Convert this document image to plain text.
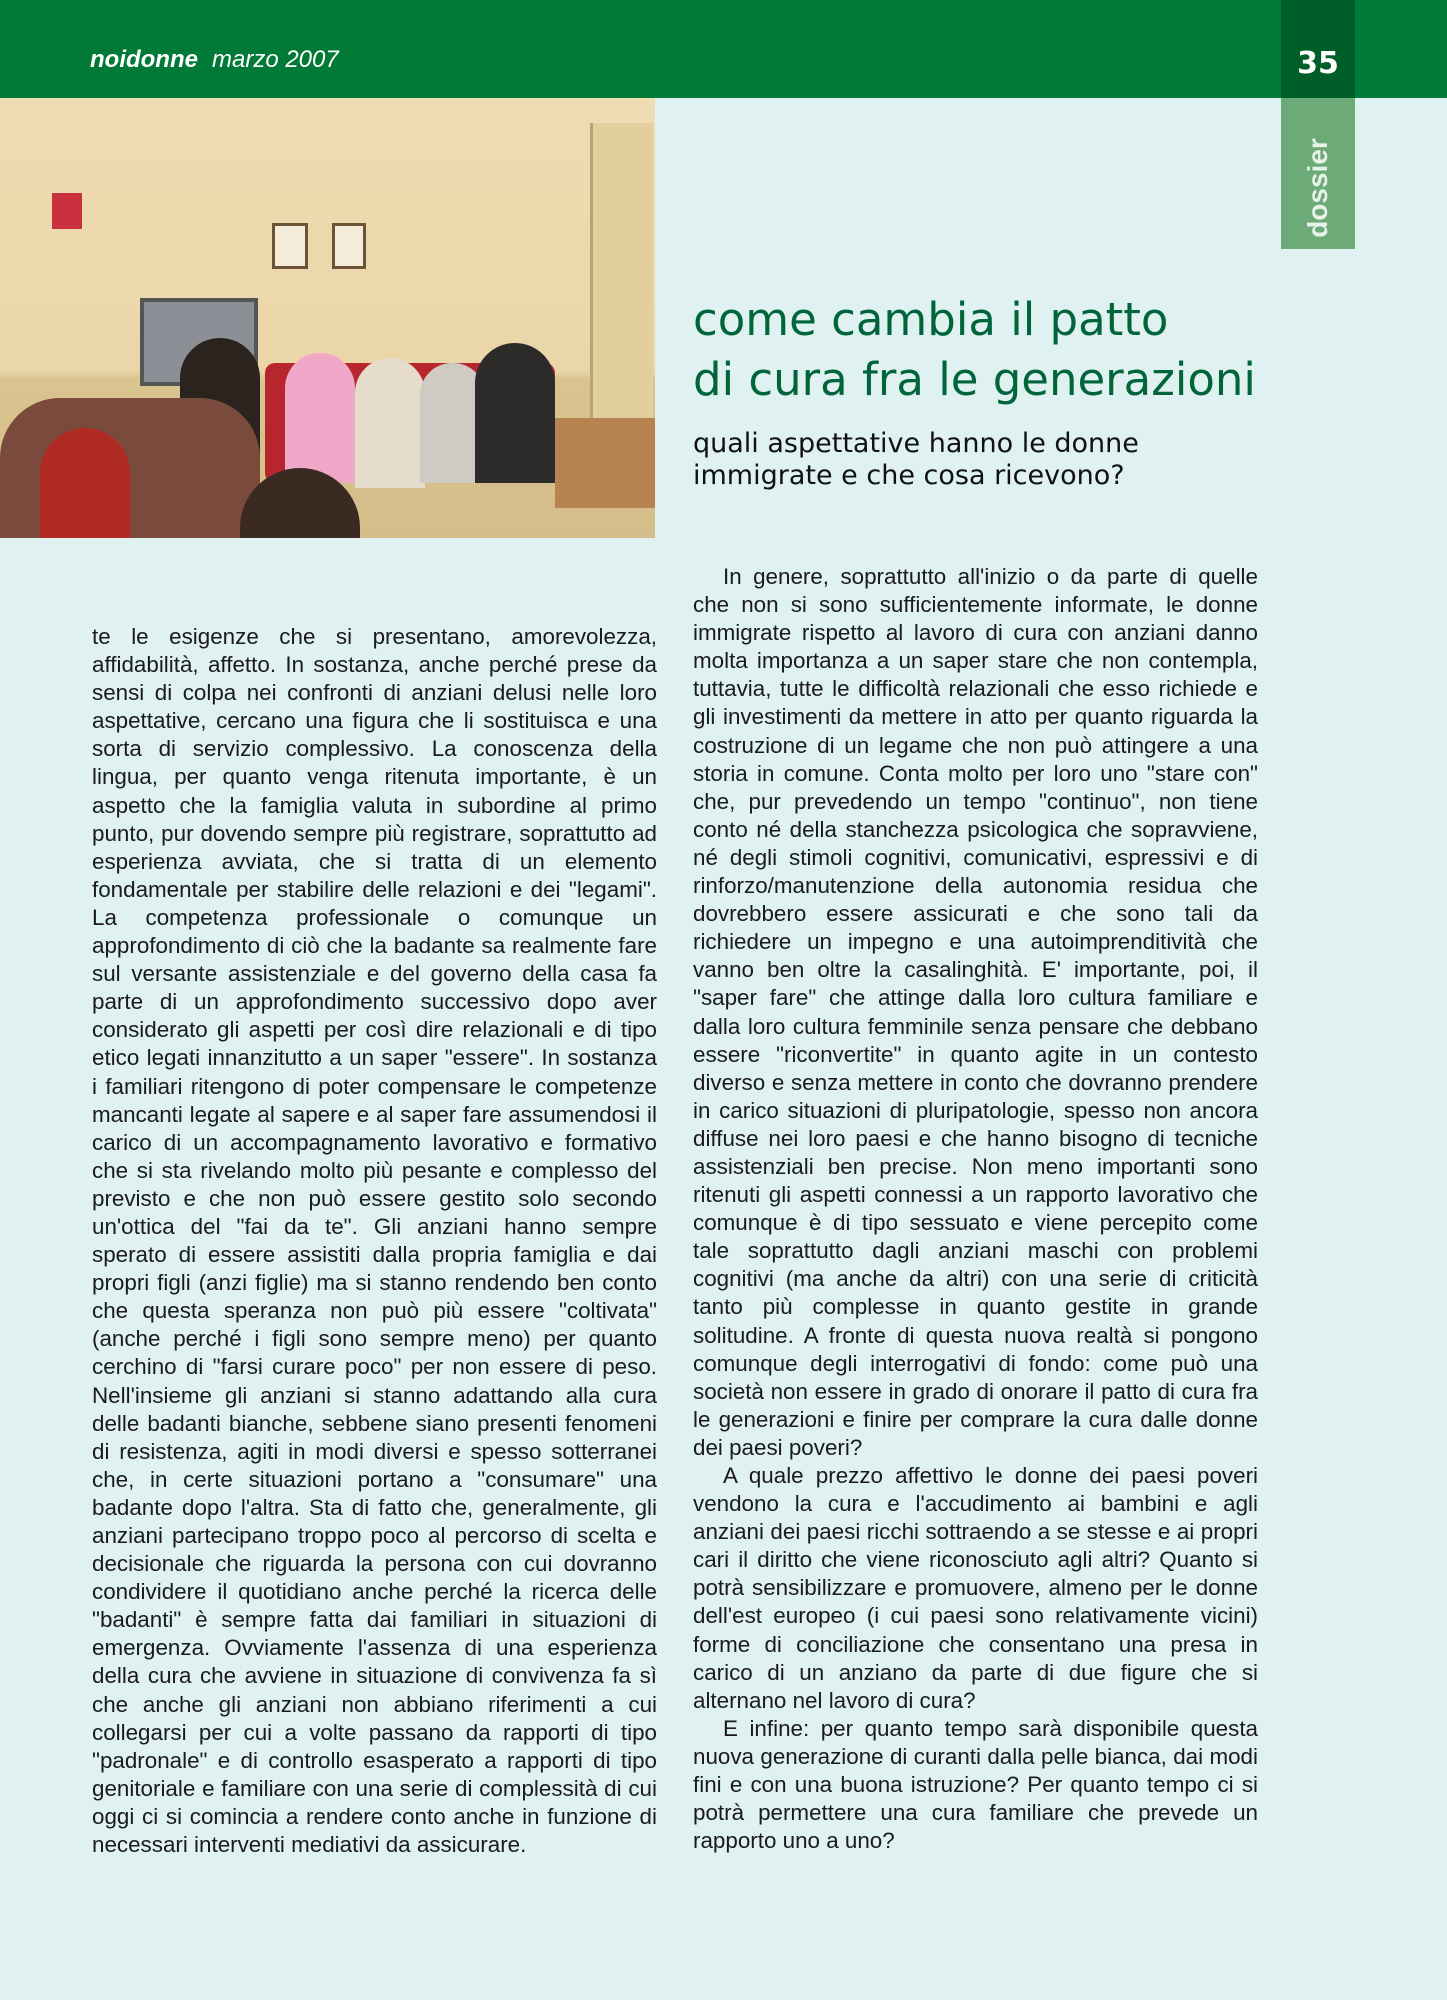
noidonne marzo 2007	35
dossier
come cambia il patto
di cura fra le generazioni
quali aspettative hanno le donne
immigrate e che cosa ricevono?

te le esigenze che si presentano, amorevolezza, affidabilità, affetto. In sostanza, anche perché prese da sensi di colpa nei confronti di anziani delusi nelle loro aspettative, cercano una figura che li sostituisca e una sorta di servizio complessivo. La conoscenza della lingua, per quanto venga ritenuta importante, è un aspetto che la famiglia valuta in subordine al primo punto, pur dovendo sempre più registrare, soprattutto ad esperienza avviata, che si tratta di un elemento fondamentale per stabilire delle relazioni e dei "legami". La competenza professionale o comunque un approfondimento di ciò che la badante sa realmente fare sul versante assistenziale e del governo della casa fa parte di un approfondimento successivo dopo aver considerato gli aspetti per così dire relazionali e di tipo etico legati innanzitutto a un saper "essere". In sostanza i familiari ritengono di poter compensare le competenze mancanti legate al sapere e al saper fare assumendosi il carico di un accompagnamento lavorativo e formativo che si sta rivelando molto più pesante e complesso del previsto e che non può essere gestito solo secondo un'ottica del "fai da te". Gli anziani hanno sempre sperato di essere assistiti dalla propria famiglia e dai propri figli (anzi figlie) ma si stanno rendendo ben conto che questa speranza non può più essere "coltivata"(anche perché i figli sono sempre meno) per quanto cerchino di "farsi curare poco" per non essere di peso. Nell'insieme gli anziani si stanno adattando alla cura delle badanti bianche, sebbene siano presenti fenomeni di resistenza, agiti in modi diversi e spesso sotterranei che, in certe situazioni portano a "consumare" una badante dopo l'altra. Sta di fatto che, generalmente, gli anziani partecipano troppo poco al percorso di scelta e decisionale che riguarda la persona con cui dovranno condividere il quotidiano anche perché la ricerca delle "badanti" è sempre fatta dai familiari in situazioni di emergenza. Ovviamente l'assenza di una esperienza della cura che avviene in situazione di convivenza fa sì che anche gli anziani non abbiano riferimenti a cui collegarsi per cui a volte passano da rapporti di tipo "padronale" e di controllo esasperato a rapporti di tipo genitoriale e familiare con una serie di complessità di cui oggi ci si comincia a rendere conto anche in funzione di necessari interventi mediativi da assicurare.

In genere, soprattutto all'inizio o da parte di quelle che non si sono sufficientemente informate, le donne immigrate rispetto al lavoro di cura con anziani danno molta importanza a un saper stare che non contempla, tuttavia, tutte le difficoltà relazionali che esso richiede e gli investimenti da mettere in atto per quanto riguarda la costruzione di un legame che non può attingere a una storia in comune. Conta molto per loro uno "stare con" che, pur prevedendo un tempo "continuo", non tiene conto né della stanchezza psicologica che sopravviene, né degli stimoli cognitivi, comunicativi, espressivi e di rinforzo/manutenzione della autonomia residua che dovrebbero essere assicurati e che sono tali da richiedere un impegno e una autoimprenditività che vanno ben oltre la casalinghità. E' importante, poi, il "saper fare" che attinge dalla loro cultura familiare e dalla loro cultura femminile senza pensare che debbano essere "riconvertite" in quanto agite in un contesto diverso e senza mettere in conto che dovranno prendere in carico situazioni di pluripatologie, spesso non ancora diffuse nei loro paesi e che hanno bisogno di tecniche assistenziali ben precise. Non meno importanti sono ritenuti gli aspetti connessi a un rapporto lavorativo che comunque è di tipo sessuato e viene percepito come tale soprattutto dagli anziani maschi con problemi cognitivi (ma anche da altri) con una serie di criticità tanto più complesse in quanto gestite in grande solitudine. A fronte di questa nuova realtà si pongono comunque degli interrogativi di fondo: come può una società non essere in grado di onorare il patto di cura fra le generazioni e finire per comprare la cura dalle donne dei paesi poveri?

A quale prezzo affettivo le donne dei paesi poveri vendono la cura e l'accudimento ai bambini e agli anziani dei paesi ricchi sottraendo a se stesse e ai propri cari il diritto che viene riconosciuto agli altri? Quanto si potrà sensibilizzare e promuovere, almeno per le donne dell'est europeo (i cui paesi sono relativamente vicini) forme di conciliazione che consentano una presa in carico di un anziano da parte di due figure che si alternano nel lavoro di cura?

E infine: per quanto tempo sarà disponibile questa nuova generazione di curanti dalla pelle bianca, dai modi fini e con una buona istruzione? Per quanto tempo ci si potrà permettere una cura familiare che prevede un rapporto uno a uno?
